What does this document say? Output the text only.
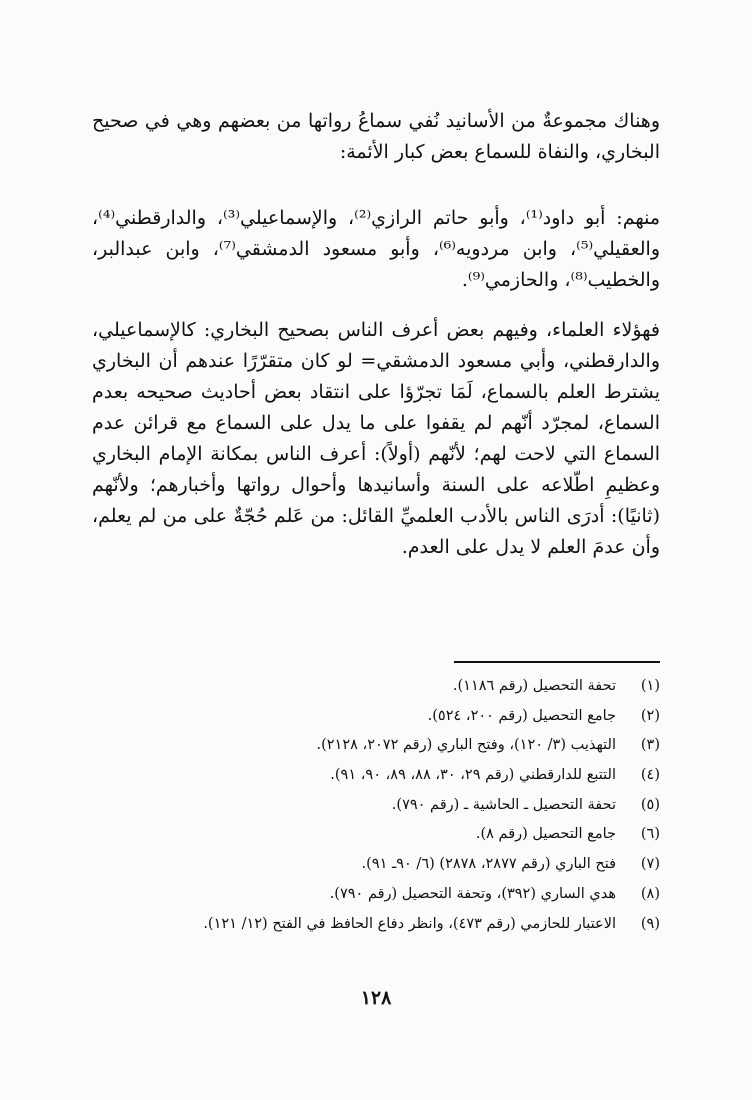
وهناك مجموعةٌ من الأسانيد نُفي سماعُ رواتها من بعضهم وهي في صحيح البخاري، والنفاة للسماع بعض كبار الأئمة:

منهم: أبو داود⁽¹⁾، وأبو حاتم الرازي⁽²⁾، والإسماعيلي⁽³⁾، والدارقطني⁽⁴⁾، والعقيلي⁽⁵⁾، وابن مردويه⁽⁶⁾، وأبو مسعود الدمشقي⁽⁷⁾، وابن عبدالبر، والخطيب⁽⁸⁾، والحازمي⁽⁹⁾.

فهؤلاء العلماء، وفيهم بعض أعرف الناس بصحيح البخاري: كالإسماعيلي، والدارقطني، وأبي مسعود الدمشقي= لو كان متقرّرًا عندهم أن البخاري يشترط العلم بالسماع، لَمَا تجرّؤا على انتقاد بعض أحاديث صحيحه بعدم السماع، لمجرّد أنّهم لم يقفوا على ما يدل على السماع مع قرائن عدم السماع التي لاحت لهم؛ لأنّهم (أولاً): أعرف الناس بمكانة الإمام البخاري وعظيمِ اطّلاعه على السنة وأسانيدها وأحوال رواتها وأخبارهم؛ ولأنّهم (ثانيًا): أدرَى الناس بالأدب العلميِّ القائل: من عَلم حُجّةٌ على من لم يعلم، وأن عدمَ العلم لا يدل على العدم.

(١)
تحفة التحصيل (رقم ١١٨٦).
(٢)
جامع التحصيل (رقم ٢٠٠، ٥٢٤).
(٣)
التهذيب (٣/ ١٢٠)، وفتح الباري (رقم ٢٠٧٢، ٢١٢٨).
(٤)
التتبع للدارقطني (رقم ٢٩، ٣٠، ٨٨، ٨٩، ٩٠، ٩١).
(٥)
تحفة التحصيل ـ الحاشية ـ (رقم ٧٩٠).
(٦)
جامع التحصيل (رقم ٨).
(٧)
فتح الباري (رقم ٢٨٧٧، ٢٨٧٨) (٦/ ٩٠ـ ٩١).
(٨)
هدي الساري (٣٩٢)، وتحفة التحصيل (رقم ٧٩٠).
(٩)
الاعتبار للحازمي (رقم ٤٧٣)، وانظر دفاع الحافظ في الفتح (١٢/ ١٢١).
١٢٨
